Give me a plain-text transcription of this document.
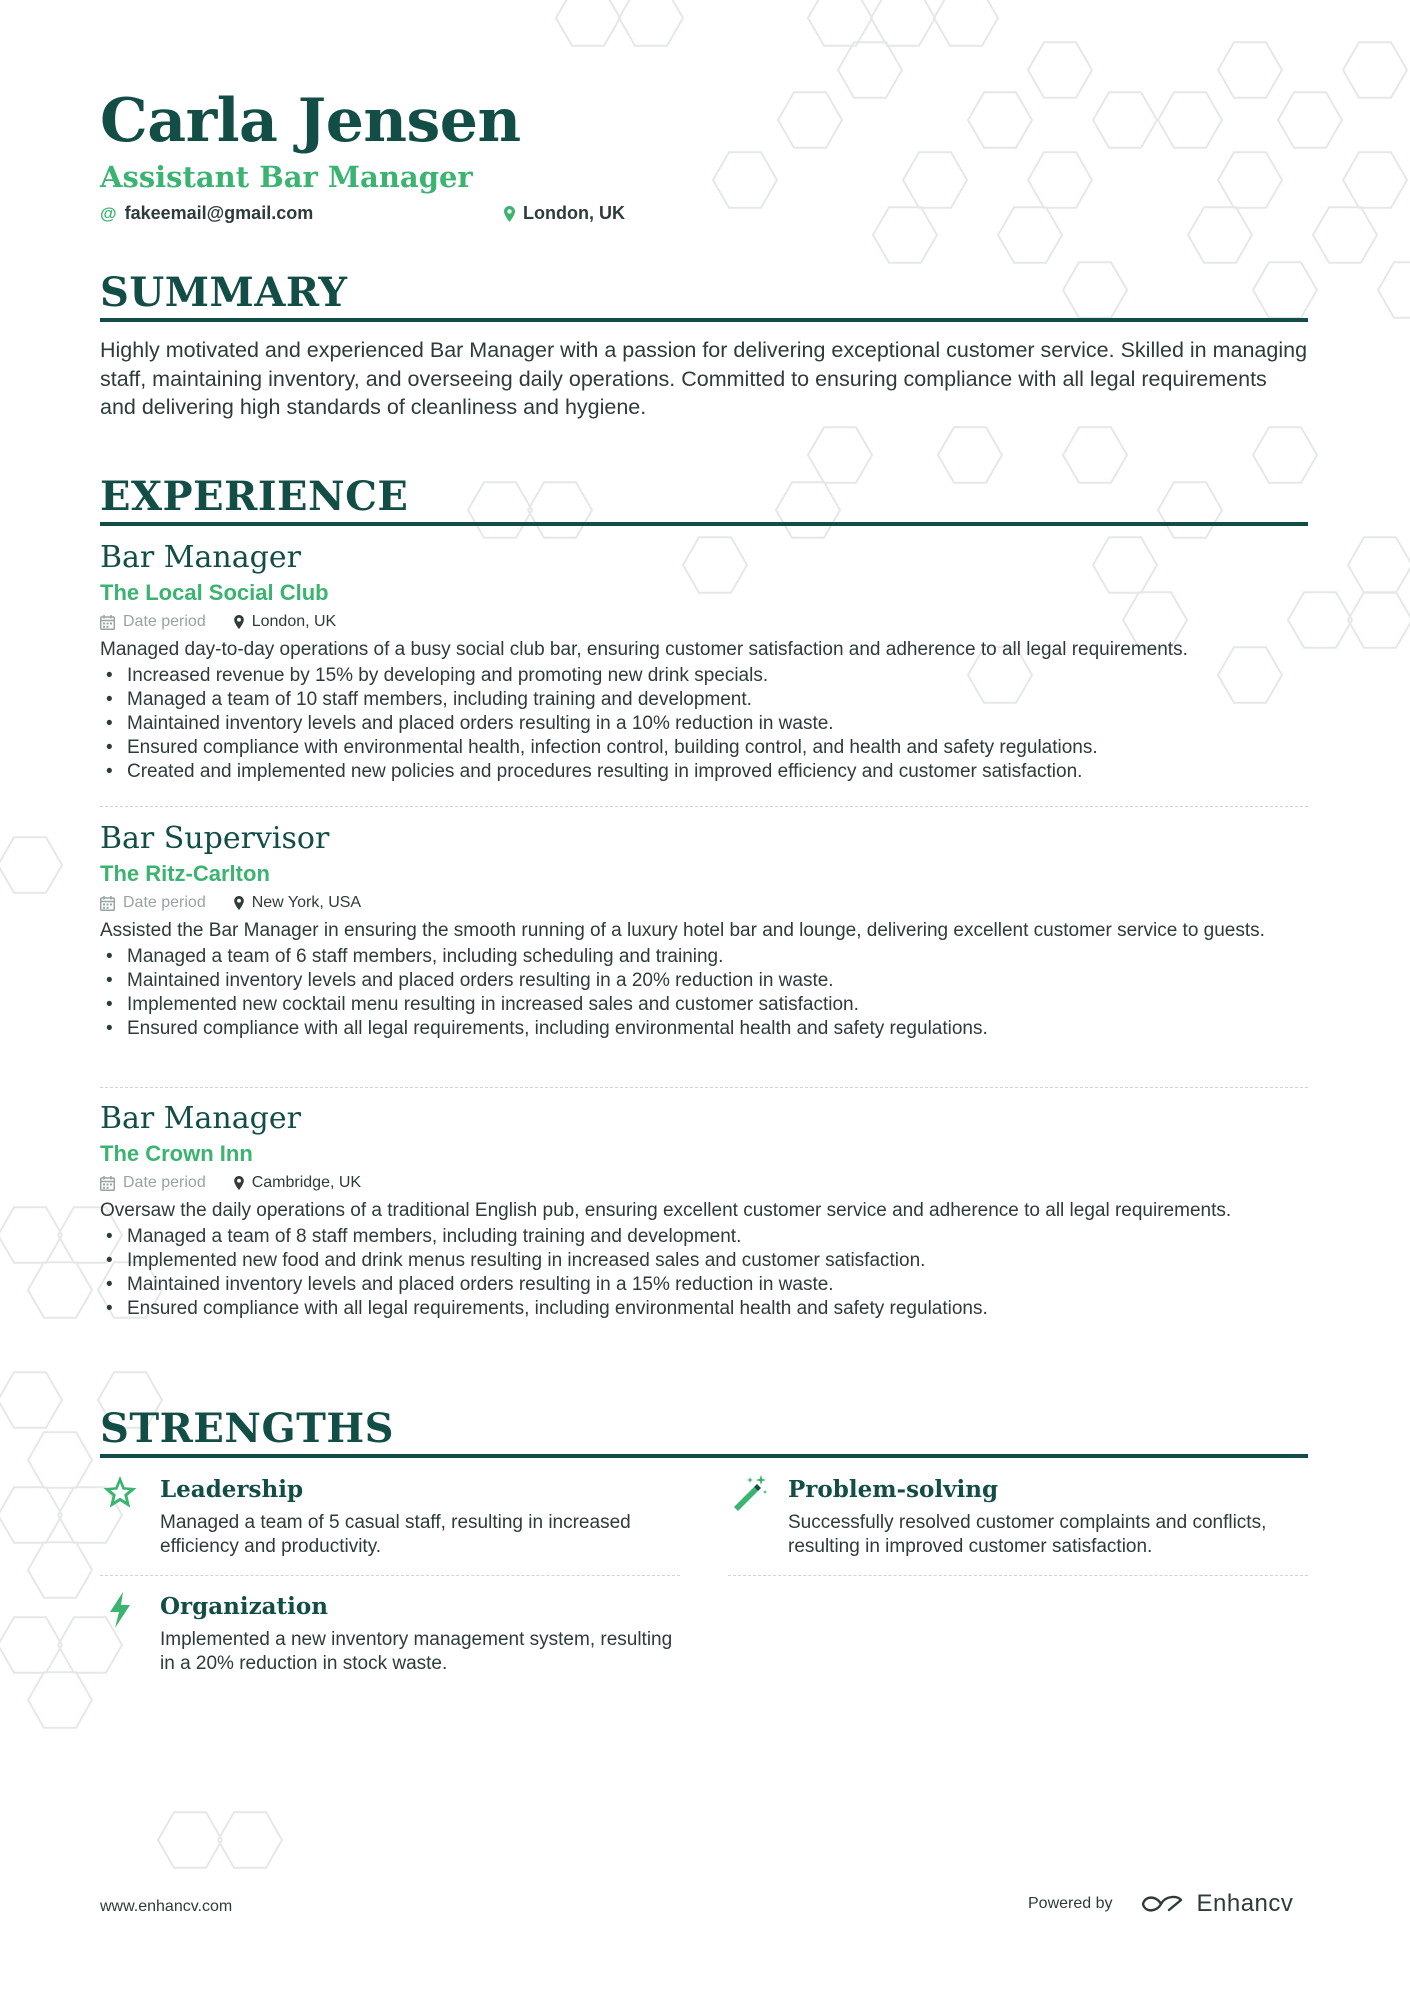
Carla Jensen
Assistant Bar Manager
@ fakeemail@gmail.com	London, UK
SUMMARY

Highly motivated and experienced Bar Manager with a passion for delivering exceptional customer service. Skilled in managing staff, maintaining inventory, and overseeing daily operations. Committed to ensuring compliance with all legal requirements and delivering high standards of cleanliness and hygiene.

EXPERIENCE
Bar Manager
The Local Social Club
Date period	London, UK
Managed day-to-day operations of a busy social club bar, ensuring customer satisfaction and adherence to all legal requirements.
• Increased revenue by 15% by developing and promoting new drink specials.
• Managed a team of 10 staff members, including training and development.
• Maintained inventory levels and placed orders resulting in a 10% reduction in waste.
• Ensured compliance with environmental health, infection control, building control, and health and safety regulations.
• Created and implemented new policies and procedures resulting in improved efficiency and customer satisfaction.
Bar Supervisor
The Ritz-Carlton
Date period	New York, USA
Assisted the Bar Manager in ensuring the smooth running of a luxury hotel bar and lounge, delivering excellent customer service to guests.
• Managed a team of 6 staff members, including scheduling and training.
• Maintained inventory levels and placed orders resulting in a 20% reduction in waste.
• Implemented new cocktail menu resulting in increased sales and customer satisfaction.
• Ensured compliance with all legal requirements, including environmental health and safety regulations.
Bar Manager
The Crown Inn
Date period	Cambridge, UK
Oversaw the daily operations of a traditional English pub, ensuring excellent customer service and adherence to all legal requirements.
• Managed a team of 8 staff members, including training and development.
• Implemented new food and drink menus resulting in increased sales and customer satisfaction.
• Maintained inventory levels and placed orders resulting in a 15% reduction in waste.
• Ensured compliance with all legal requirements, including environmental health and safety regulations.
STRENGTHS
Leadership
Managed a team of 5 casual staff, resulting in increased efficiency and productivity.
Problem-solving
Successfully resolved customer complaints and conflicts, resulting in improved customer satisfaction.
Organization
Implemented a new inventory management system, resulting in a 20% reduction in stock waste.
www.enhancv.com	Powered by	Enhancv
